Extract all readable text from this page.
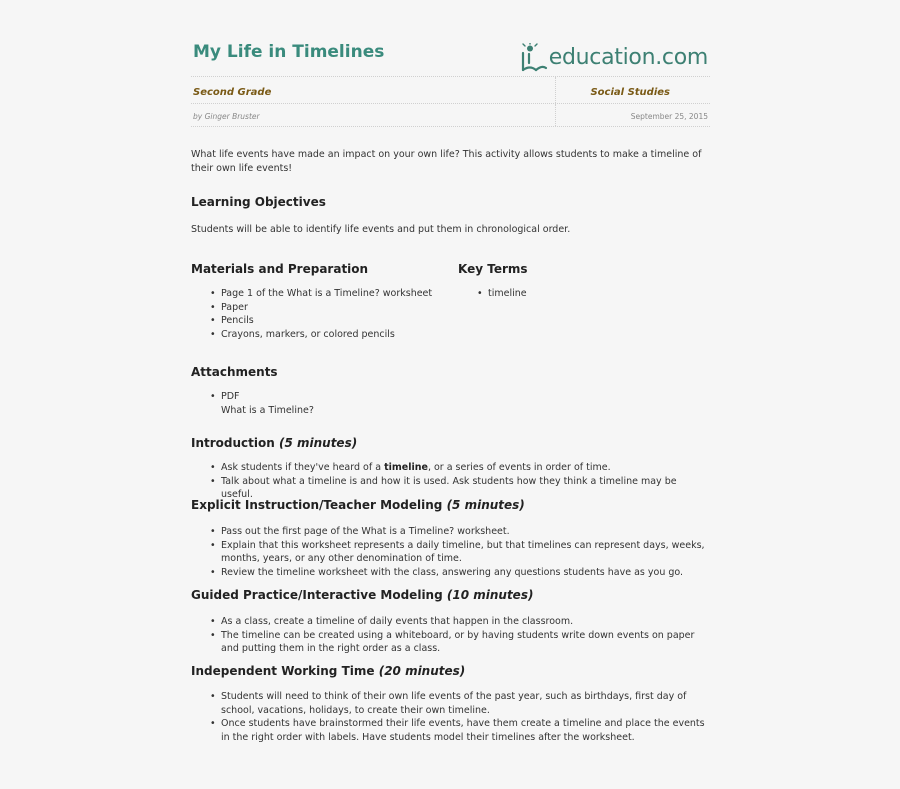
My Life in Timelines	education.com
Second Grade	Social Studies
by Ginger Bruster	September 25, 2015

What life events have made an impact on your own life? This activity allows students to make a timeline of their own life events!

Learning Objectives

Students will be able to identify life events and put them in chronological order.

Materials and Preparation
• Page 1 of the What is a Timeline? worksheet
• Paper
• Pencils
• Crayons, markers, or colored pencils
Key Terms
• timeline
Attachments
• PDF
What is a Timeline?
Introduction (5 minutes)
• Ask students if they've heard of a timeline, or a series of events in order of time.
• Talk about what a timeline is and how it is used. Ask students how they think a timeline may be useful.
Explicit Instruction/Teacher Modeling (5 minutes)
• Pass out the first page of the What is a Timeline? worksheet.
• Explain that this worksheet represents a daily timeline, but that timelines can represent days, weeks, months, years, or any other denomination of time.
• Review the timeline worksheet with the class, answering any questions students have as you go.
Guided Practice/Interactive Modeling (10 minutes)
• As a class, create a timeline of daily events that happen in the classroom.
• The timeline can be created using a whiteboard, or by having students write down events on paper and putting them in the right order as a class.
Independent Working Time (20 minutes)
• Students will need to think of their own life events of the past year, such as birthdays, first day of school, vacations, holidays, to create their own timeline.
• Once students have brainstormed their life events, have them create a timeline and place the events in the right order with labels. Have students model their timelines after the worksheet.
